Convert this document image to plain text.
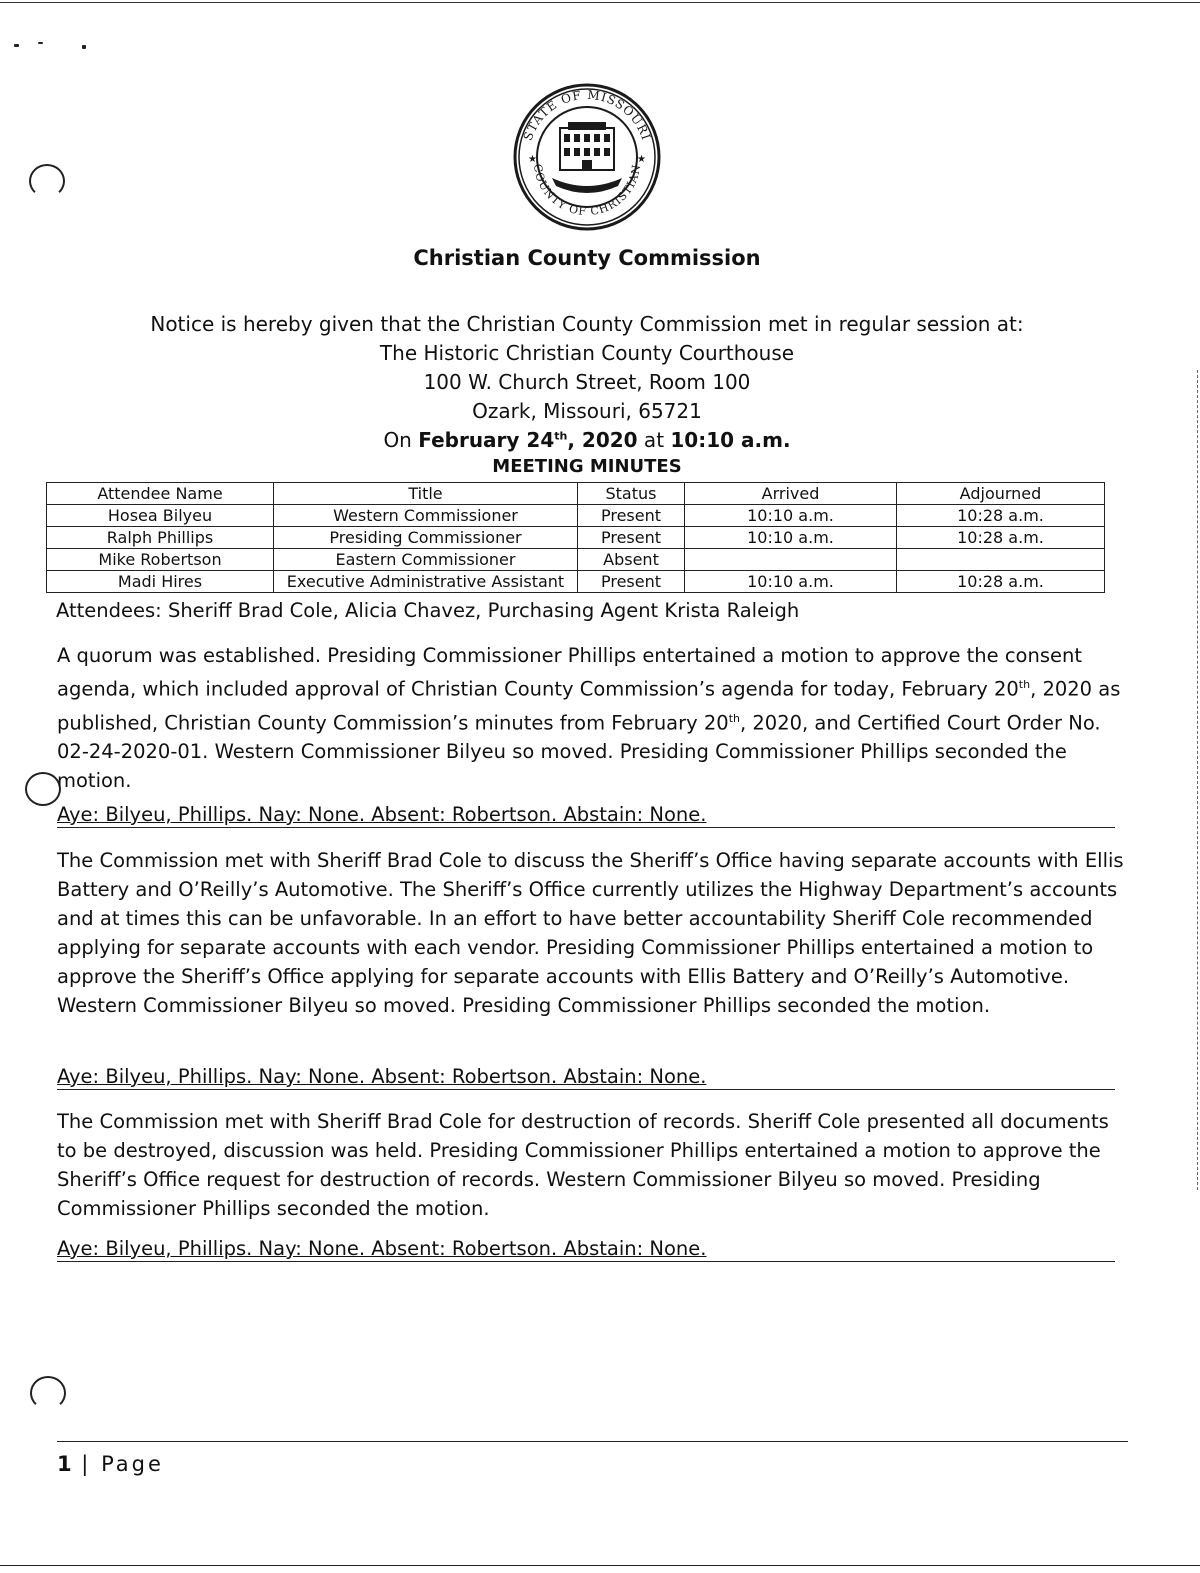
STATE OF MISSOURI
COUNTY OF CHRISTIAN
★	★
Christian County Commission
Notice is hereby given that the Christian County Commission met in regular session at:
The Historic Christian County Courthouse
100 W. Church Street, Room 100
Ozark, Missouri, 65721
On February 24th, 2020 at 10:10 a.m.
MEETING MINUTES
Attendee Name	Title	Status	Arrived	Adjourned
Hosea Bilyeu	Western Commissioner	Present	10:10 a.m.	10:28 a.m.
Ralph Phillips	Presiding Commissioner	Present	10:10 a.m.	10:28 a.m.
Mike Robertson	Eastern Commissioner	Absent		
Madi Hires	Executive Administrative Assistant	Present	10:10 a.m.	10:28 a.m.
Attendees: Sheriff Brad Cole, Alicia Chavez, Purchasing Agent Krista Raleigh
A quorum was established. Presiding Commissioner Phillips entertained a motion to approve the consent agenda, which included approval of Christian County Commission’s agenda for today, February 20th, 2020 as published, Christian County Commission’s minutes from February 20th, 2020, and Certified Court Order No. 02-24-2020-01. Western Commissioner Bilyeu so moved. Presiding Commissioner Phillips seconded the motion.
Aye: Bilyeu, Phillips. Nay: None. Absent: Robertson. Abstain: None.
The Commission met with Sheriff Brad Cole to discuss the Sheriff’s Office having separate accounts with Ellis Battery and O’Reilly’s Automotive. The Sheriff’s Office currently utilizes the Highway Department’s accounts and at times this can be unfavorable. In an effort to have better accountability Sheriff Cole recommended applying for separate accounts with each vendor. Presiding Commissioner Phillips entertained a motion to approve the Sheriff’s Office applying for separate accounts with Ellis Battery and O’Reilly’s Automotive. Western Commissioner Bilyeu so moved. Presiding Commissioner Phillips seconded the motion.
Aye: Bilyeu, Phillips. Nay: None. Absent: Robertson. Abstain: None.
The Commission met with Sheriff Brad Cole for destruction of records. Sheriff Cole presented all documents to be destroyed, discussion was held. Presiding Commissioner Phillips entertained a motion to approve the Sheriff’s Office request for destruction of records. Western Commissioner Bilyeu so moved. Presiding Commissioner Phillips seconded the motion.
Aye: Bilyeu, Phillips. Nay: None. Absent: Robertson. Abstain: None.
1 | Page
